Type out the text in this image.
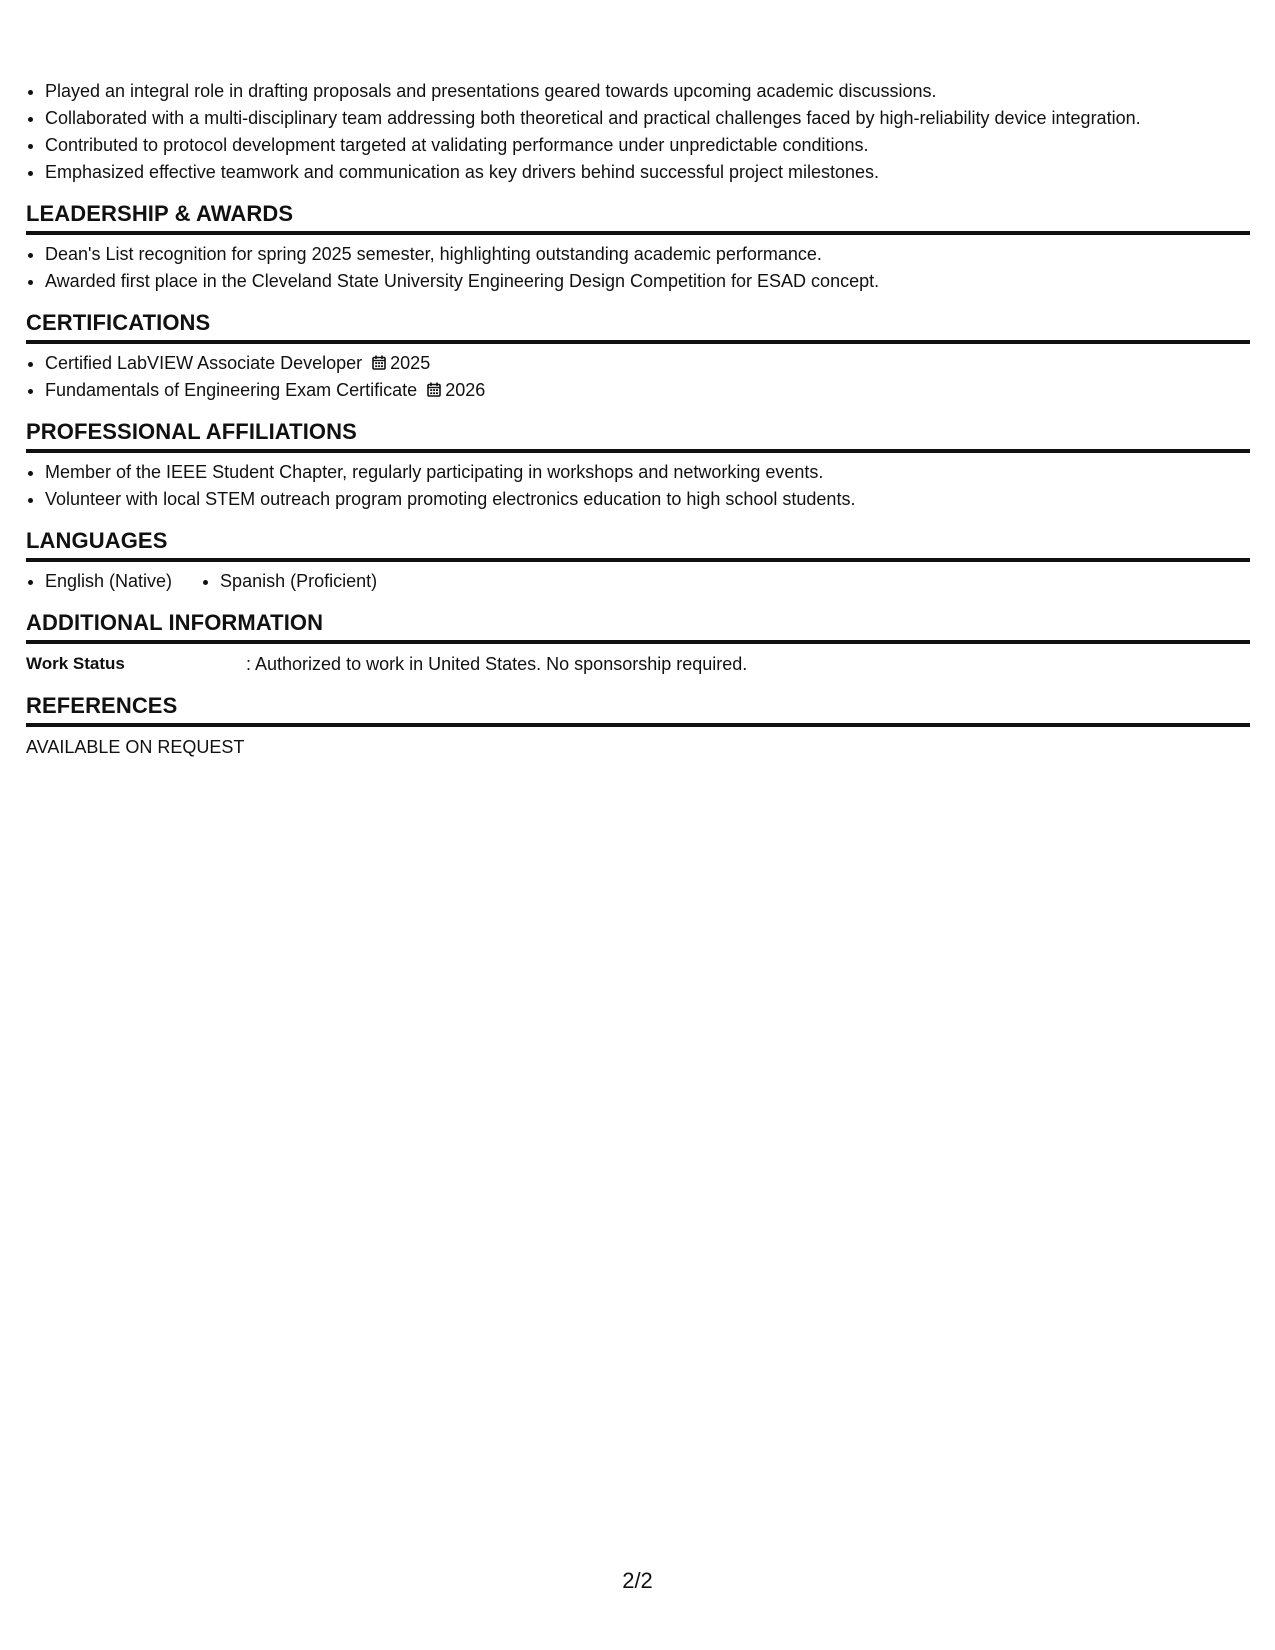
• Played an integral role in drafting proposals and presentations geared towards upcoming academic discussions.
• Collaborated with a multi-disciplinary team addressing both theoretical and practical challenges faced by high-reliability device integration.
• Contributed to protocol development targeted at validating performance under unpredictable conditions.
• Emphasized effective teamwork and communication as key drivers behind successful project milestones.
LEADERSHIP & AWARDS
• Dean's List recognition for spring 2025 semester, highlighting outstanding academic performance.
• Awarded first place in the Cleveland State University Engineering Design Competition for ESAD concept.
CERTIFICATIONS
• Certified LabVIEW Associate Developer 2025
• Fundamentals of Engineering Exam Certificate 2026
PROFESSIONAL AFFILIATIONS
• Member of the IEEE Student Chapter, regularly participating in workshops and networking events.
• Volunteer with local STEM outreach program promoting electronics education to high school students.
LANGUAGES
• English (Native)
•	Spanish (Proficient)
ADDITIONAL INFORMATION
Work Status	: Authorized to work in United States. No sponsorship required.
REFERENCES
AVAILABLE ON REQUEST
2/2
